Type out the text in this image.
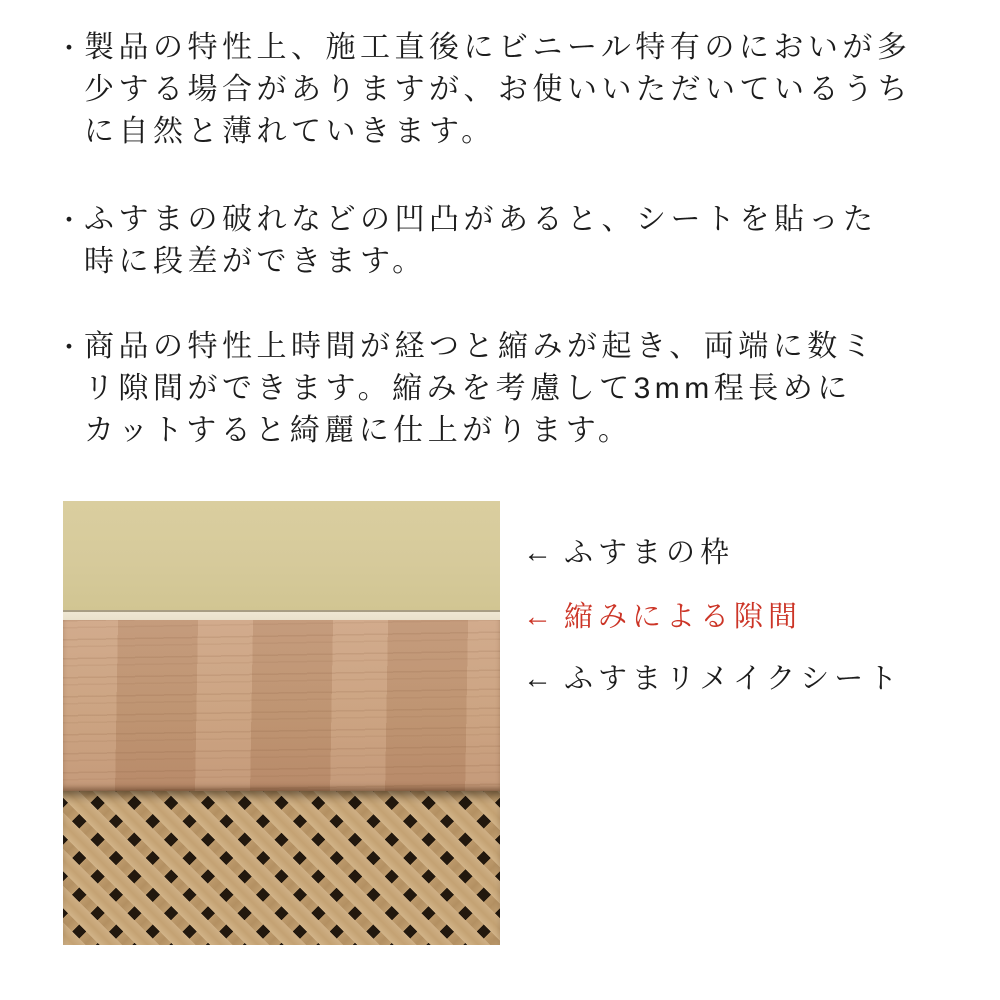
・ 製品の特性上、施工直後にビニール特有のにおいが多
少する場合がありますが、お使いいただいているうち
に自然と薄れていきます。
・ ふすまの破れなどの凹凸があると、シートを貼った
時に段差ができます。
・ 商品の特性上時間が経つと縮みが起き、両端に数ミ
リ隙間ができます。縮みを考慮して3mm程長めに
カットすると綺麗に仕上がります。
← ふすまの枠
← 縮みによる隙間
← ふすまリメイクシート
